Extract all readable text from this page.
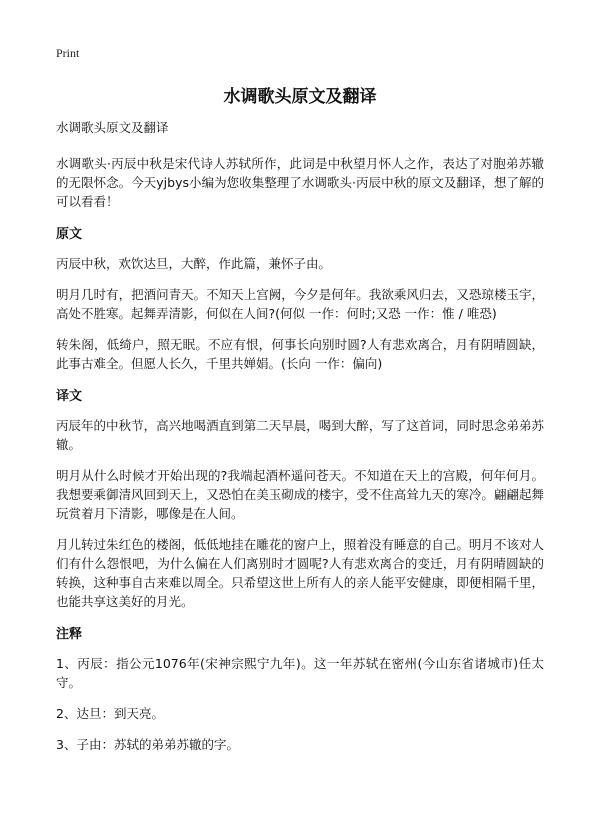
Print
水调歌头原文及翻译
水调歌头原文及翻译

水调歌头·丙辰中秋是宋代诗人苏轼所作，此词是中秋望月怀人之作，表达了对胞弟苏辙的无限怀念。今天yjbys小编为您收集整理了水调歌头·丙辰中秋的原文及翻译，想了解的可以看看！

原文

丙辰中秋，欢饮达旦，大醉，作此篇，兼怀子由。

明月几时有，把酒问青天。不知天上宫阙，今夕是何年。我欲乘风归去，又恐琼楼玉宇，高处不胜寒。起舞弄清影，何似在人间?(何似 一作：何时;又恐 一作：惟 / 唯恐)

转朱阁，低绮户，照无眠。不应有恨，何事长向别时圆?人有悲欢离合，月有阴晴圆缺，此事古难全。但愿人长久，千里共婵娟。(长向 一作：偏向)

译文

丙辰年的中秋节，高兴地喝酒直到第二天早晨，喝到大醉，写了这首词，同时思念弟弟苏辙。

明月从什么时候才开始出现的?我端起酒杯遥问苍天。不知道在天上的宫殿，何年何月。我想要乘御清风回到天上，又恐怕在美玉砌成的楼宇，受不住高耸九天的寒冷。翩翩起舞玩赏着月下清影，哪像是在人间。

月儿转过朱红色的楼阁，低低地挂在雕花的窗户上，照着没有睡意的自己。明月不该对人们有什么怨恨吧，为什么偏在人们离别时才圆呢?人有悲欢离合的变迁，月有阴晴圆缺的转换，这种事自古来难以周全。只希望这世上所有人的亲人能平安健康，即便相隔千里，也能共享这美好的月光。

注释

1、丙辰：指公元1076年(宋神宗熙宁九年)。这一年苏轼在密州(今山东省诸城市)任太守。

2、达旦：到天亮。

3、子由：苏轼的弟弟苏辙的字。
